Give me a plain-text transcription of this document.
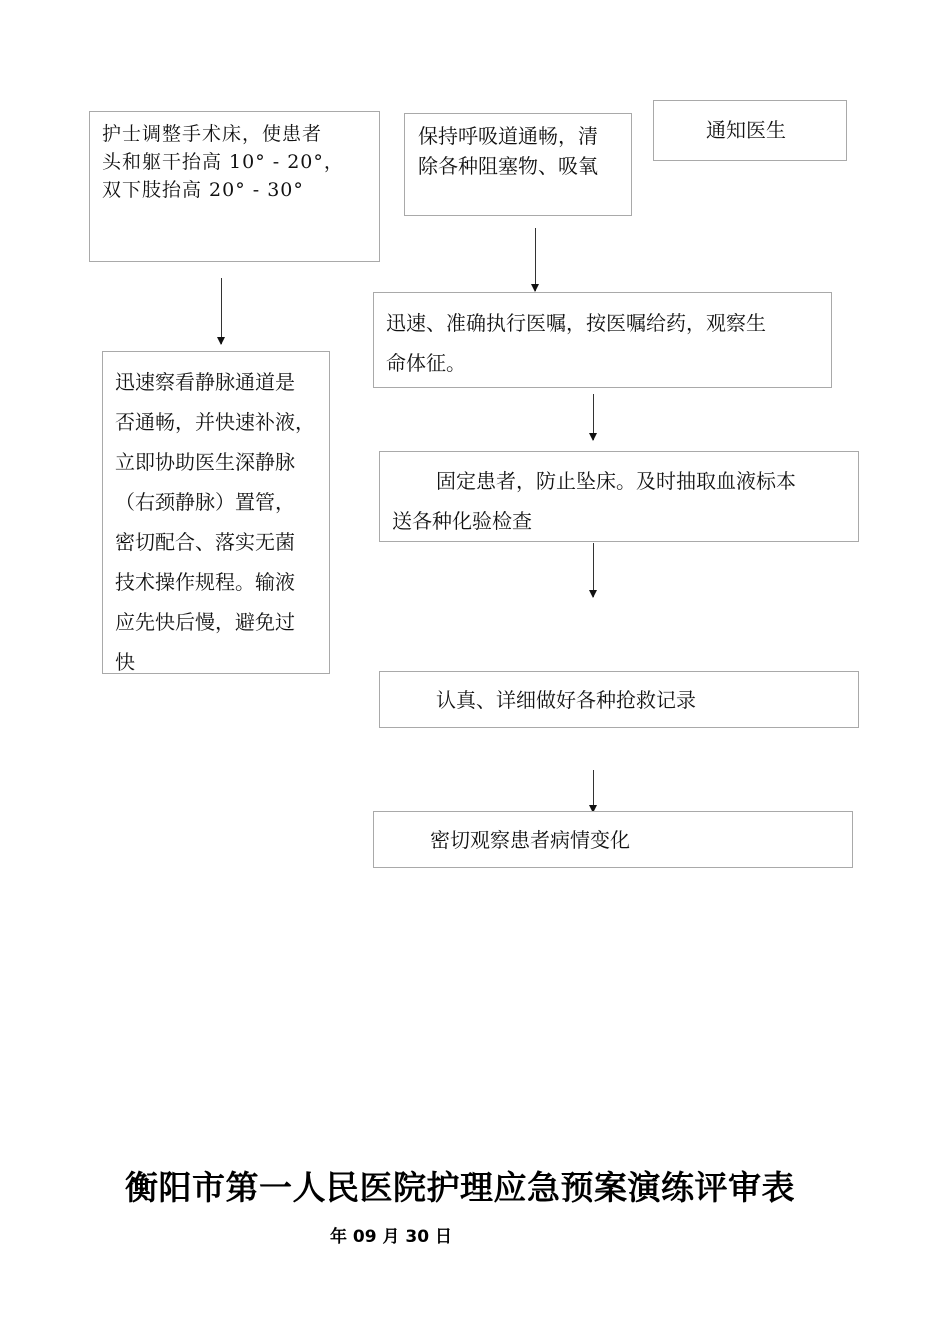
护士调整手术床，使患者
头和躯干抬高 10° - 20°，
双下肢抬高 20° - 30°
保持呼吸道通畅，清
除各种阻塞物、吸氧
通知医生
迅速、准确执行医嘱，按医嘱给药，观察生
命体征。
迅速察看静脉通道是
否通畅，并快速补液，
立即协助医生深静脉
（右颈静脉）置管，
密切配合、落实无菌
技术操作规程。输液
应先快后慢，避免过
快
固定患者，防止坠床。及时抽取血液标本
送各种化验检查
认真、详细做好各种抢救记录
密切观察患者病情变化
衡阳市第一人民医院护理应急预案演练评审表
年 09 月 30 日
